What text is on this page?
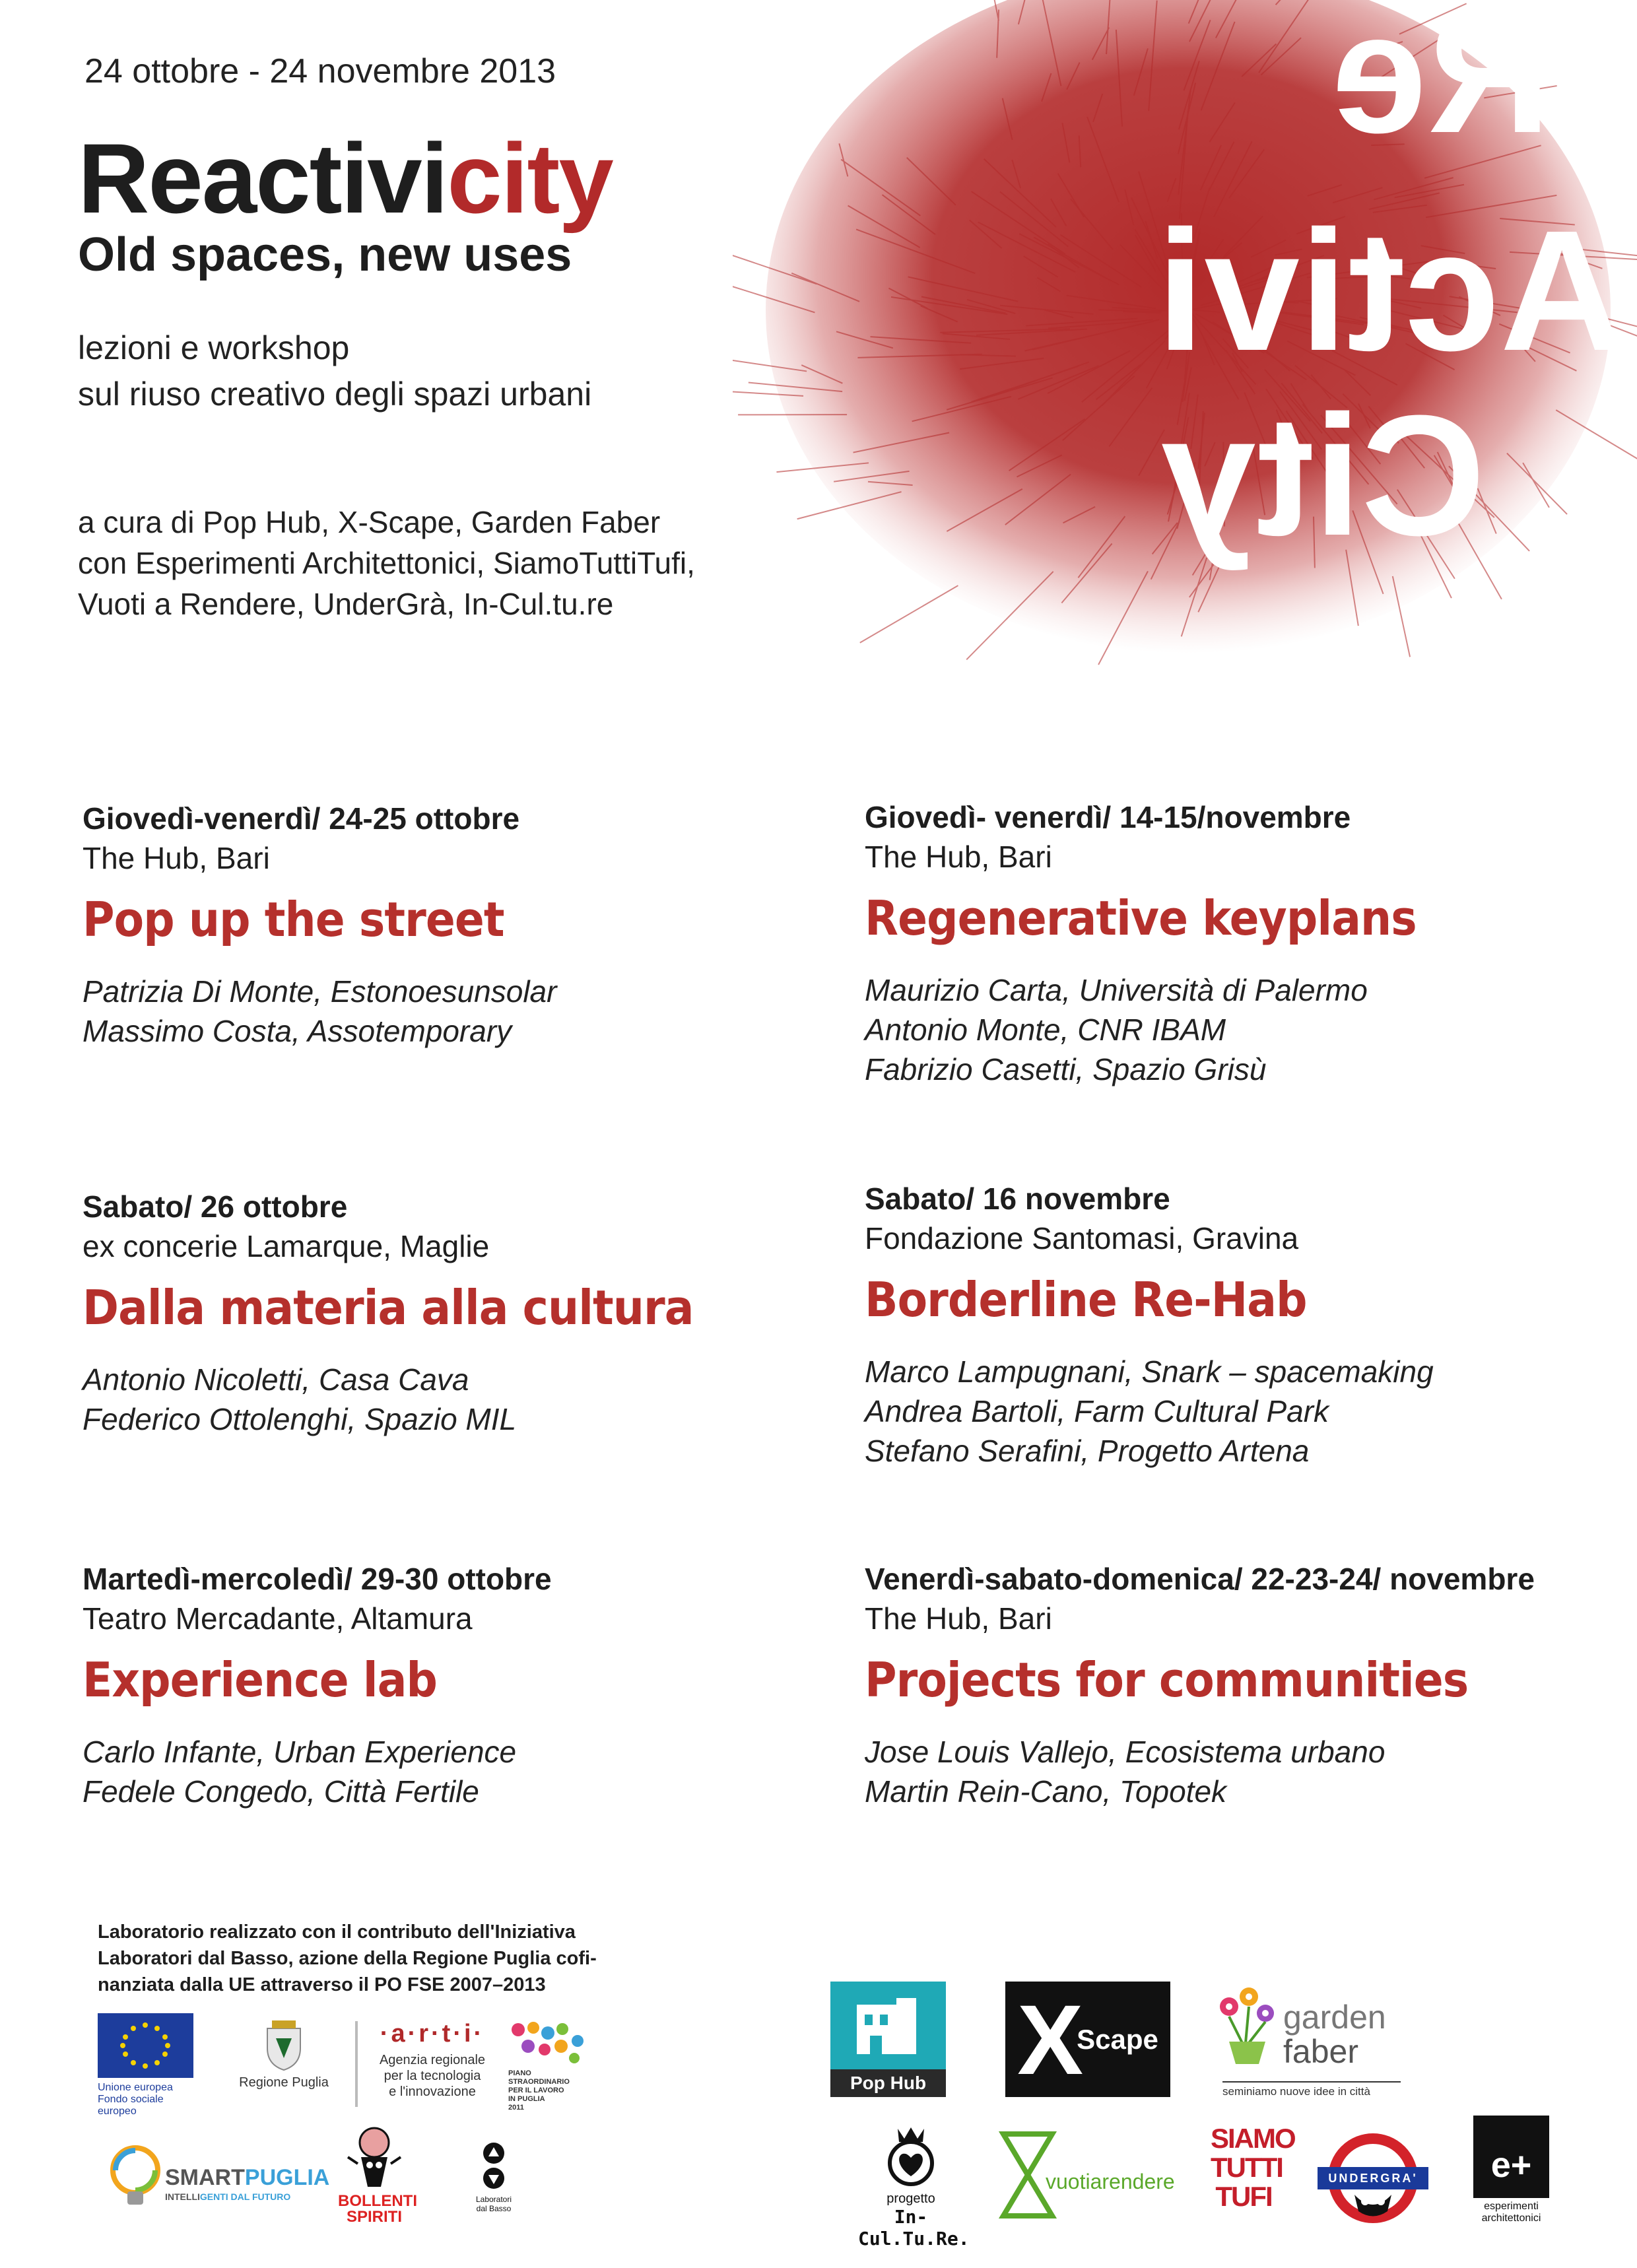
24 ottobre - 24 novembre 2013
Reactivicity
Old spaces, new uses
lezioni e workshop
sul riuso creativo degli spazi urbani
a cura di Pop Hub, X-Scape, Garden Faber
con Esperimenti Architettonici, SiamoTuttiTufi,
Vuoti a Rendere, UnderGrà, In-Cul.tu.re
Re
Activi
City
Giovedì-venerdì/ 24-25 ottobre
The Hub, Bari
Pop up the street
Patrizia Di Monte, Estonoesunsolar
Massimo Costa, Assotemporary
Giovedì- venerdì/ 14-15/novembre
The Hub, Bari
Regenerative keyplans
Maurizio Carta, Università di Palermo
Antonio Monte, CNR IBAM
Fabrizio Casetti, Spazio Grisù
Sabato/ 26 ottobre
ex concerie Lamarque, Maglie
Dalla materia alla cultura
Antonio Nicoletti, Casa Cava
Federico Ottolenghi, Spazio MIL
Sabato/ 16 novembre
Fondazione Santomasi, Gravina
Borderline Re-Hab
Marco Lampugnani, Snark – spacemaking
Andrea Bartoli, Farm Cultural Park
Stefano Serafini, Progetto Artena
Martedì-mercoledì/ 29-30 ottobre
Teatro Mercadante, Altamura
Experience lab
Carlo Infante, Urban Experience
Fedele Congedo, Città Fertile
Venerdì-sabato-domenica/ 22-23-24/ novembre
The Hub, Bari
Projects for communities
Jose Louis Vallejo, Ecosistema urbano
Martin Rein-Cano, Topotek
Laboratorio realizzato con il contributo dell'Iniziativa
Laboratori dal Basso, azione della Regione Puglia cofi-
nanziata dalla UE attraverso il PO FSE 2007–2013
Unione europea
Fondo sociale europeo
Regione Puglia
·a·r·t·i·
Agenzia regionale
per la tecnologia
e l'innovazione
PIANO
STRAORDINARIO
PER IL LAVORO
IN PUGLIA
2011
SMARTPUGLIA
INTELLIGENTI DAL FUTURO	BOLLENTI
SPIRITI
Laboratori
dal Basso
Pop Hub X
Scape
garden
faber
seminiamo nuove idee in città
progetto
In-Cul.Tu.Re.
vuotiarendere
SIAMO
TUTTI
TUFI
UNDERGRA'	e+
esperimenti
architettonici
